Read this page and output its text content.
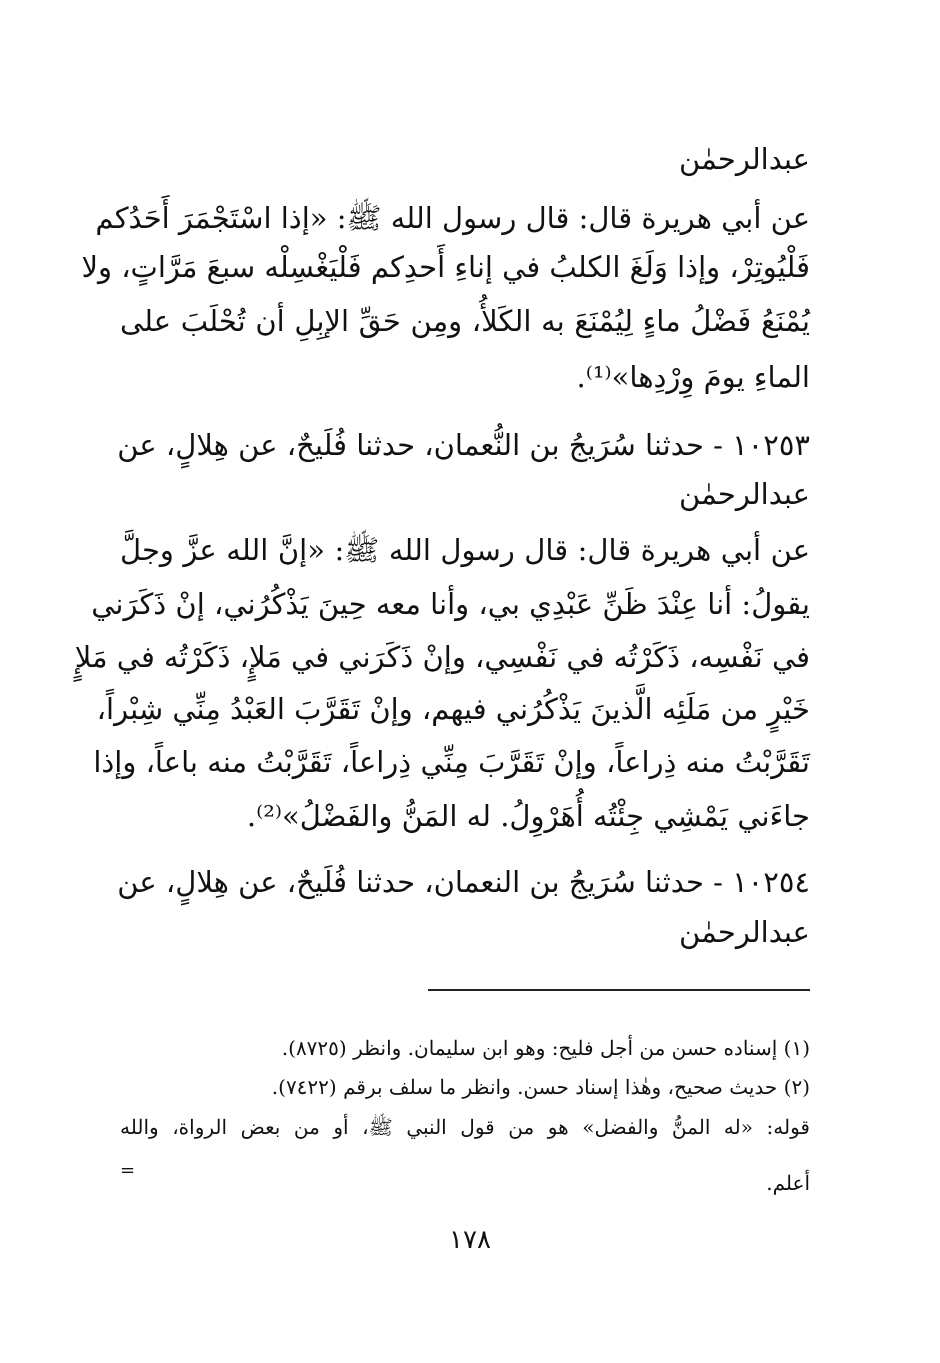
عبدالرحمٰن
عن أبي هريرة قال: قال رسول الله ﷺ: «إذا اسْتَجْمَرَ أَحَدُكم
فَلْيُوتِرْ، وإذا وَلَغَ الكلبُ في إناءِ أَحدِكم فَلْيَغْسِلْه سبعَ مَرَّاتٍ، ولا
يُمْنَعُ فَضْلُ ماءٍ لِيُمْنَعَ به الكَلأُ، ومِن حَقِّ الإبِلِ أن تُحْلَبَ على
الماءِ يومَ وِرْدِها»⁽¹⁾.
١٠٢٥٣ - حدثنا سُرَيجُ بن النُّعمان، حدثنا فُلَيحٌ، عن هِلالٍ، عن
عبدالرحمٰن
عن أبي هريرة قال: قال رسول الله ﷺ: «إنَّ الله عزَّ وجلَّ
يقولُ: أنا عِنْدَ ظَنِّ عَبْدِي بي، وأنا معه حِينَ يَذْكُرُني، إنْ ذَكَرَني
في نَفْسِه، ذَكَرْتُه في نَفْسِي، وإنْ ذَكَرَني في مَلإٍ، ذَكَرْتُه في مَلإٍ
خَيْرٍ من مَلَئِه الَّذينَ يَذْكُرُني فيهم، وإنْ تَقَرَّبَ العَبْدُ مِنِّي شِبْراً،
تَقَرَّبْتُ منه ذِراعاً، وإنْ تَقَرَّبَ مِنِّي ذِراعاً، تَقَرَّبْتُ منه باعاً، وإذا
جاءَني يَمْشِي جِئْتُه أُهَرْوِلُ. له المَنُّ والفَضْلُ»⁽²⁾.
١٠٢٥٤ - حدثنا سُرَيجُ بن النعمان، حدثنا فُلَيحٌ، عن هِلالٍ، عن
عبدالرحمٰن
(١) إسناده حسن من أجل فليح: وهو ابن سليمان. وانظر (٨٧٢٥).
(٢) حديث صحيح، وهٰذا إسناد حسن. وانظر ما سلف برقم (٧٤٢٢).
قوله: «له المنُّ والفضل» هو من قول النبي ﷺ، أو من بعض الرواة، والله
أعلم.
=
١٧٨
